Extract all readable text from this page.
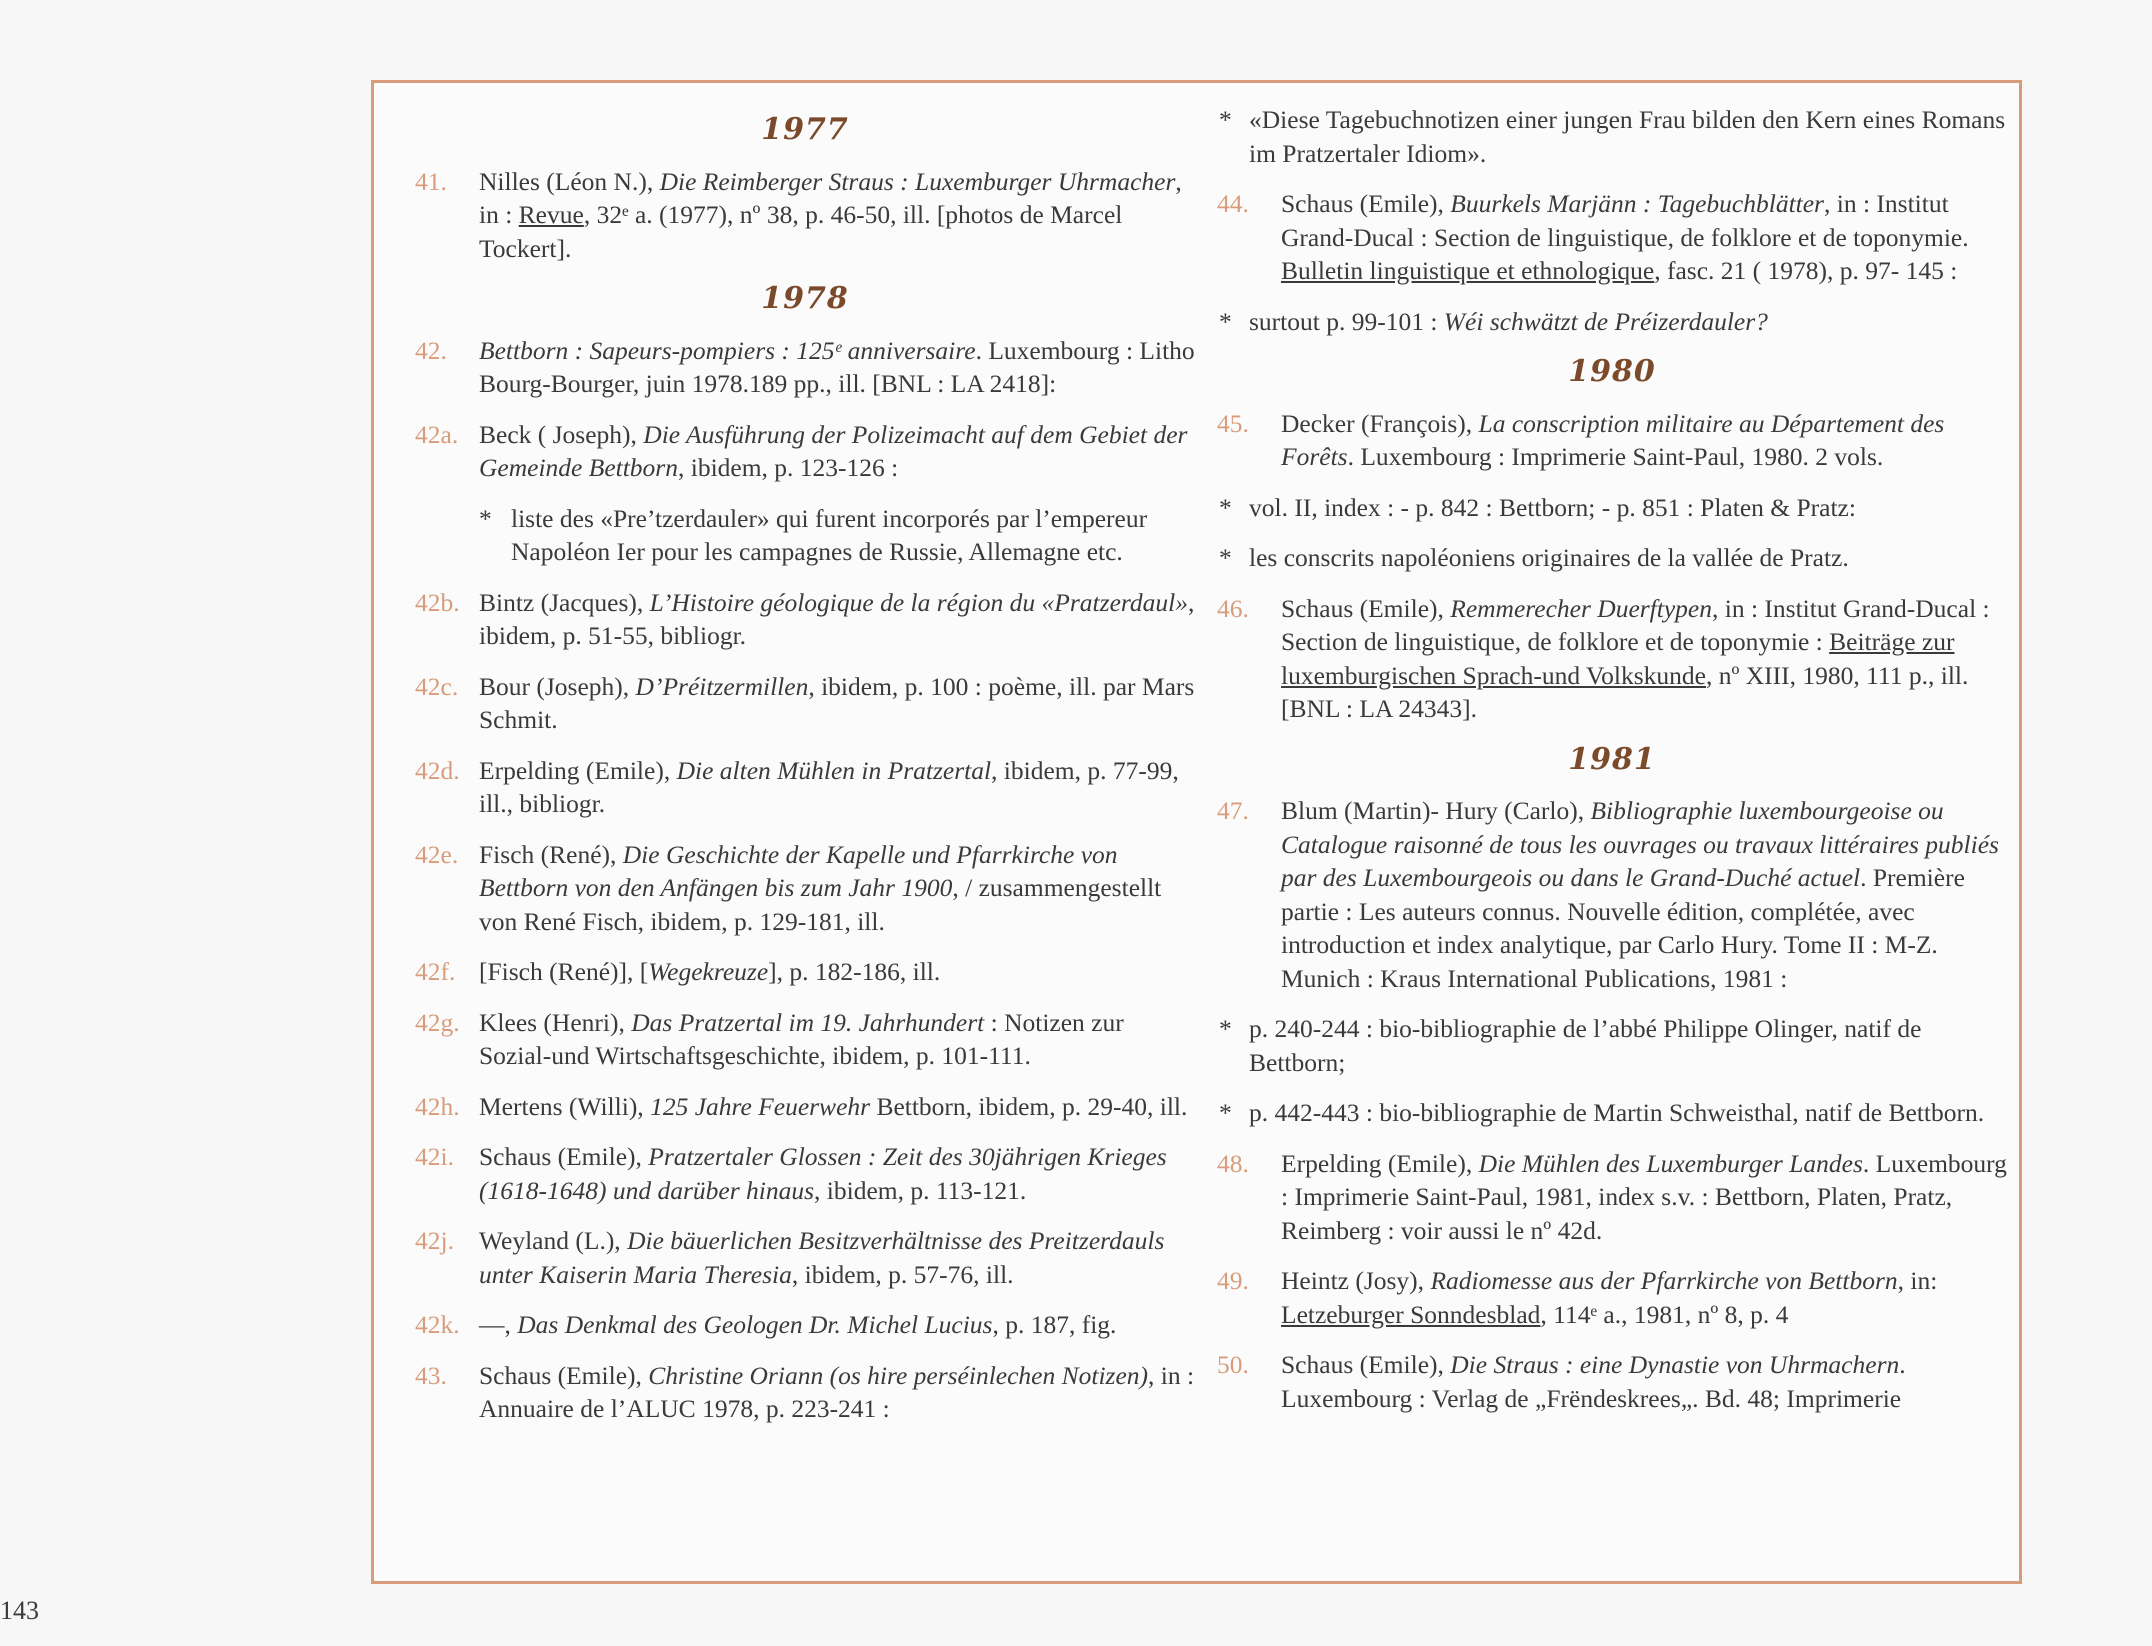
1977
41. Nilles (Léon N.), Die Reimberger Straus : Luxemburger Uhrmacher, in : Revue, 32ᵉ a. (1977), nº 38, p. 46-50, ill. [photos de Marcel Tockert].
1978
42. Bettborn : Sapeurs-pompiers : 125ᵉ anniversaire. Luxembourg : Litho Bourg-Bourger, juin 1978.189 pp., ill. [BNL : LA 2418]:
42a. Beck ( Joseph), Die Ausführung der Polizeimacht auf dem Gebiet der Gemeinde Bettborn, ibidem, p. 123-126 :
* liste des «Pre’tzerdauler» qui furent incorporés par l’empereur Napoléon Ier pour les campagnes de Russie, Allemagne etc.
42b. Bintz (Jacques), L’Histoire géologique de la région du «Pratzerdaul», ibidem, p. 51-55, bibliogr.
42c. Bour (Joseph), D’Préitzermillen, ibidem, p. 100 : poème, ill. par Mars Schmit.
42d. Erpelding (Emile), Die alten Mühlen in Pratzertal, ibidem, p. 77-99, ill., bibliogr.
42e. Fisch (René), Die Geschichte der Kapelle und Pfarrkirche von Bettborn von den Anfängen bis zum Jahr 1900, / zusammengestellt von René Fisch, ibidem, p. 129-181, ill.
42f. [Fisch (René)], [Wegekreuze], p. 182-186, ill.
42g. Klees (Henri), Das Pratzertal im 19. Jahrhundert : Notizen zur Sozial-und Wirtschaftsgeschichte, ibidem, p. 101-111.
42h. Mertens (Willi), 125 Jahre Feuerwehr Bettborn, ibidem, p. 29-40, ill.
42i. Schaus (Emile), Pratzertaler Glossen : Zeit des 30jährigen Krieges (1618-1648) und darüber hinaus, ibidem, p. 113-121.
42j. Weyland (L.), Die bäuerlichen Besitzverhältnisse des Preitzerdauls unter Kaiserin Maria Theresia, ibidem, p. 57-76, ill.
42k. —, Das Denkmal des Geologen Dr. Michel Lucius, p. 187, fig.
43. Schaus (Emile), Christine Oriann (os hire perséinlechen Notizen), in : Annuaire de l’ALUC 1978, p. 223-241 :
* «Diese Tagebuchnotizen einer jungen Frau bilden den Kern eines Romans im Pratzertaler Idiom».
44. Schaus (Emile), Buurkels Marjänn : Tagebuchblätter, in : Institut Grand-Ducal : Section de linguistique, de folklore et de toponymie. Bulletin linguistique et ethnologique, fasc. 21 ( 1978), p. 97- 145 :
* surtout p. 99-101 : Wéi schwätzt de Préizerdauler?
1980
45. Decker (François), La conscription militaire au Département des Forêts. Luxembourg : Imprimerie Saint-Paul, 1980. 2 vols.
* vol. II, index : - p. 842 : Bettborn; - p. 851 : Platen & Pratz:
* les conscrits napoléoniens originaires de la vallée de Pratz.
46. Schaus (Emile), Remmerecher Duerftypen, in : Institut Grand-Ducal : Section de linguistique, de folklore et de toponymie : Beiträge zur luxemburgischen Sprach-und Volkskunde, nº XIII, 1980, 111 p., ill. [BNL : LA 24343].
1981
47. Blum (Martin)- Hury (Carlo), Bibliographie luxembourgeoise ou Catalogue raisonné de tous les ouvrages ou travaux littéraires publiés par des Luxembourgeois ou dans le Grand-Duché actuel. Première partie : Les auteurs connus. Nouvelle édition, complétée, avec introduction et index analytique, par Carlo Hury. Tome II : M-Z. Munich : Kraus International Publications, 1981 :
* p. 240-244 : bio-bibliographie de l’abbé Philippe Olinger, natif de Bettborn;
* p. 442-443 : bio-bibliographie de Martin Schweisthal, natif de Bettborn.
48. Erpelding (Emile), Die Mühlen des Luxemburger Landes. Luxembourg : Imprimerie Saint-Paul, 1981, index s.v. : Bettborn, Platen, Pratz, Reimberg : voir aussi le nº 42d.
49. Heintz (Josy), Radiomesse aus der Pfarrkirche von Bettborn, in: Letzeburger Sonndesblad, 114ᵉ a., 1981, nº 8, p. 4
50. Schaus (Emile), Die Straus : eine Dynastie von Uhrmachern. Luxembourg : Verlag de „Frëndeskrees„. Bd. 48; Imprimerie
143
